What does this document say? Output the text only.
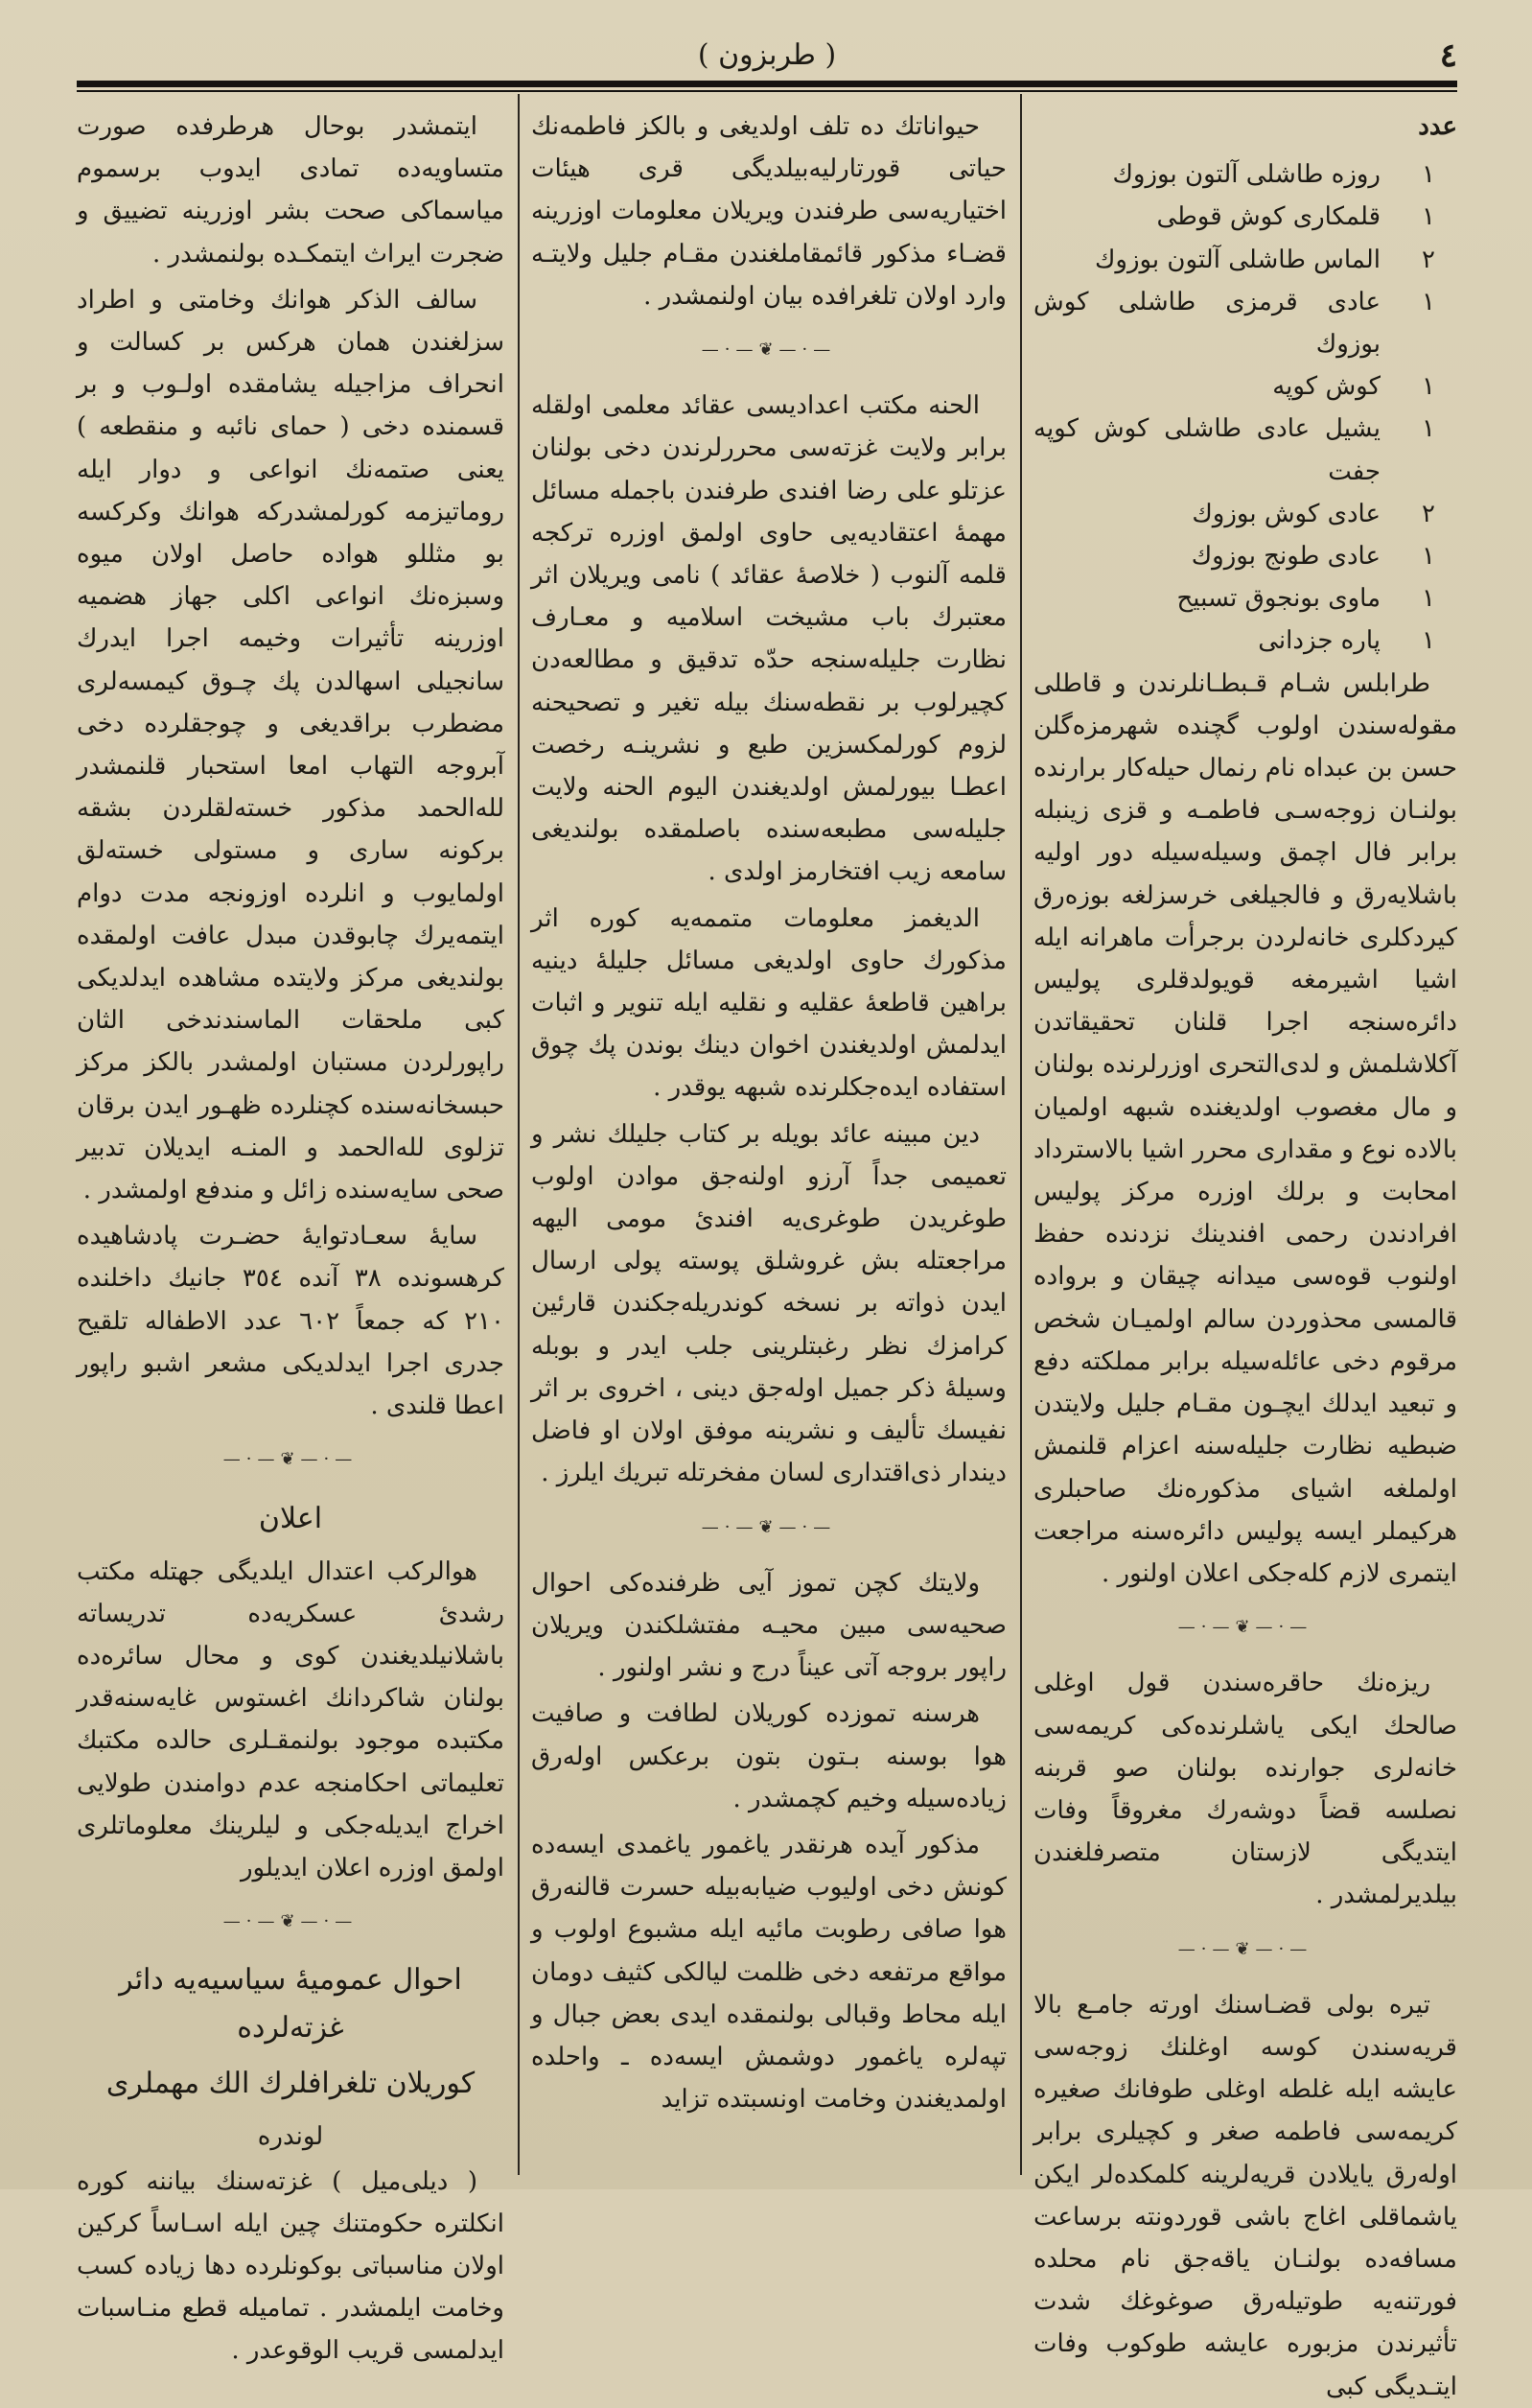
٤
( طربزون )
عدد
١
روزه طاشلی آلتون بوزوك
١
قلمكاری كوش قوطی
٢
الماس طاشلی آلتون بوزوك
١
عادی قرمزی طاشلی كوش بوزوك
١
كوش كوپه
١
یشیل عادی طاشلی كوش كوپه جفت
٢
عادی كوش بوزوك
١
عادی طونج بوزوك
١
ماوی بونجوق تسبیح
١
پاره جزدانی

طرابلس شـام قـبطـانلرندن و قاطلی مقوله‌سندن اولوب گچنده شهرمزه‌گلن حسن بن عبداه نام رنمال حیله‌کار برارنده بولنـان زوجه‌سـی فاطمـه و قزی زینبله برابر فال اچمق وسیله‌سیله دور اولیه باشلایه‌رق و فالجیلغی خرسزلغه بوزه‌رق كیردكلری خانه‌لردن برجرأت ماهرانه ایله اشیا اشیرمغه قویولدقلری پولیس دائره‌سنجه اجرا قلنان تحقیقاتدن آکلاشلمش و لدی‌التحری اوزرلرنده بولنان و مال مغصوب اولدیغنده شبهه اولمیان بالاده نوع و مقداری محرر اشیا بالاسترداد امحابت و برلك اوزره مركز پولیس افرادندن رحمی افندینك نزدنده حفظ اولنوب قوه‌سی میدانه چیقان و برواده قالمسی محذوردن سالم اولمیـان شخص مرقوم دخی عائله‌سیله برابر مملكته دفع و تبعید ایدلك ایچـون مقـام جلیل ولایتدن ضبطیه نظارت جلیله‌سنه اعزام قلنمش اولملغه اشیای مذكوره‌نك صاحبلری هركیملر ایسه پولیس دائره‌سنه مراجعت ایتمری لازم كله‌جكی اعلان اولنور .

—·—❦—·—

ریزه‌نك حاقره‌سندن قول اوغلی صالحك ایكی یاشلرنده‌كی كریمه‌سی خانه‌لری جوارنده بولنان صو قربنه نصلسه قضاً دوشه‌رك مغروقاً وفات ایتدیگی لازستان متصرفلغندن بیلدیرلمشدر .

—·—❦—·—

تیره بولی قضـاسنك اورته جامـع بالا قریه‌سندن كوسه اوغلنك زوجه‌سی عایشه ایله غلطه اوغلی طوفانك صغیره كریمه‌سی فاطمه صغر و كچیلری برابر اوله‌رق یایلادن قریه‌لرینه كلمكده‌لر ایكن یاشماقلی اغاج باشی قوردونته برساعت مسافه‌ده بولنـان یاقه‌جق نام محلده فورتنه‌یه طوتیله‌رق صوغوغك شدت تأثیرندن مزبوره عایشه طوكوب وفات ایتـدیگی كبی

حیواناتك ده تلف اولدیغی و بالكز فاطمه‌نك حیاتی قورتارلیه‌بیلدیگی قری هیئات اختیاریه‌سی طرفندن ویریلان معلومات اوزرینه قضـاء مذكور قائمقاملغندن مقـام جلیل ولایتـه وارد اولان تلغرافده بیان اولنمشدر .

—·—❦—·—

الحنه مكتب اعدادیسی عقائد معلمی اولقله برابر ولایت غزته‌سی محررلرندن دخی بولنان عزتلو علی رضا افندی طرفندن باجمله مسائل مهمهٔ اعتقادیه‌یی حاوی اولمق اوزره تركجه قلمه آلنوب ( خلاصهٔ عقائد ) نامی ویریلان اثر معتبرك باب مشیخت اسلامیه و معـارف نظارت جلیله‌سنجه حدّه تدقیق و مطالعه‌دن كچیرلوب بر نقطه‌سنك بیله تغیر و تصحیحنه لزوم كورلمكسزین طبع و نشرینـه رخصت اعطـا بیورلمش اولدیغندن الیوم الحنه ولایت جلیله‌سی مطبعه‌سنده باصلمقده بولندیغی سامعه زیب افتخارمز اولدی .

الدیغمز معلومات متممه‌یه كوره اثر مذكورك حاوی اولدیغی مسائل جلیلهٔ دینیه براهین قاطعهٔ عقلیه و نقلیه ایله تنویر و اثبات ایدلمش اولدیغندن اخوان دینك بوندن پك چوق استفاده ایده‌جكلرنده شبهه یوقدر .

دین مبینه عائد بویله بر كتاب جلیلك نشر و تعمیمی جداً آرزو اولنه‌جق موادن اولوب طوغریدن طوغری‌یه افندیٔ مومی الیهه مراجعتله بش غروشلق پوسته پولی ارسال ایدن ذواته بر نسخه كوندریله‌جكندن قارئین كرامزك نظر رغبتلرینی جلب ایدر و بوبله وسیله‌ٔ ذكر جمیل اوله‌جق دینی ، اخروی بر اثر نفیسك تألیف و نشرینه موفق اولان او فاضل دیندار ذی‌اقتداری لسان مفخرتله تبریك ایلرز .

—·—❦—·—

ولایتك كچن تموز آیی ظرفنده‌كی احوال صحیه‌سی مبین محیـه مفتشلكندن ویریلان راپور بروجه آتی عیناً درج و نشر اولنور .

هرسنه تموزده كوریلان لطافت و صافیت هوا بوسنه بـتون بتون برعكس اوله‌رق زیاده‌سیله وخیم كچمشدر .

مذكور آیده هرنقدر یاغمور یاغمدی ایسه‌ده كونش دخی اولیوب ضیابه‌بیله حسرت قالنه‌رق هوا صافی رطوبت مائیه ایله مشبوع اولوب و مواقع مرتفعه دخی ظلمت لیالكی كثیف دومان ایله محاط وقبالی بولنمقده ایدی بعض جبال و تپه‌لره یاغمور دوشمش ایسه‌ده ـ واحلده اولمدیغندن وخامت اونسبتده تزاید

ایتمشدر بوحال هرطرفده صورت متساویه‌ده تمادی ایدوب برسموم میاسماكی صحت بشر اوزرینه تضییق و ضجرت ایراث ایتمكـده بولنمشدر .

سالف الذكر هوانك وخامتی و اطراد سزلغندن همان هركس بر كسالت و انحراف مزاجیله یشامقده اولـوب و بر قسمنده دخی ( حمای نائبه و منقطعه ) یعنی صتمه‌نك انواعی و دوار ایله روماتیزمه كورلمشدركه هوانك وكركسه بو مثللو هواده حاصل اولان میوه وسبزه‌نك انواعی اكلی جهاز هضمیه اوزرینه تأثیرات وخیمه اجرا ایدرك سانجیلی اسهالدن پك چـوق كیمسه‌لری مضطرب براقدیغی و چوجقلرده دخی آبروجه التهاب امعا استحبار قلنمشدر لله‌الحمد مذكور خسته‌لقلردن بشقه بركونه ساری و مستولی خسته‌لق اولمایوب و انلرده اوزونجه مدت دوام ایتمه‌یرك چابوقدن مبدل عافت اولمقده بولندیغی مركز ولایتده مشاهده ایدلدیكی كبی ملحقات الماسندندخی الثان راپورلردن مستبان اولمشدر بالكز مركز حبسخانه‌سنده كچنلرده ظهـور ایدن برقان تزلوی لله‌الحمد و المنـه ایدیلان تدبیر صحی سایه‌سنده زائل و مندفع اولمشدر .

سایهٔ سعـادتوایهٔ حضـرت پادشاهیده كرهسونده ٣٨ آنده ٣٥٤ جانیك داخلنده ٢١٠ كه جمعاً ٦٠٢ عدد الاطفاله تلقیح جدری اجرا ایدلدیكی مشعر اشبو راپور اعطا قلندی .

—·—❦—·—
اعلان

هوالركب اعتدال ایلدیگی جهتله مكتب رشدیٔ عسكریه‌ده تدریساته باشلانیلدیغندن كوی و محال سائره‌ده بولنان شاكردانك اغستوس غایه‌سنه‌قدر مكتبده موجود بولنمقـلری حالده مكتبك تعلیماتی احكامنجه عدم دوامندن طولایی اخراج ایدیله‌جكی و لیلرینك معلوماتلری اولمق اوزره اعلان ایدیلور

—·—❦—·—
احوال عمومیهٔ سیاسیه‌یه دائر غزته‌لرده
كوریلان تلغرافلرك الك مهملری
لوندره

( دیلی‌میل ) غزته‌سنك بیاننه كوره انكلتره حكومتنك چین ایله اسـاساً كركین اولان مناسباتی بوكونلرده دها زیاده كسب وخامت ایلمشدر . تمامیله قطع منـاسبات ایدلمسی قریب الوقوعدر .
